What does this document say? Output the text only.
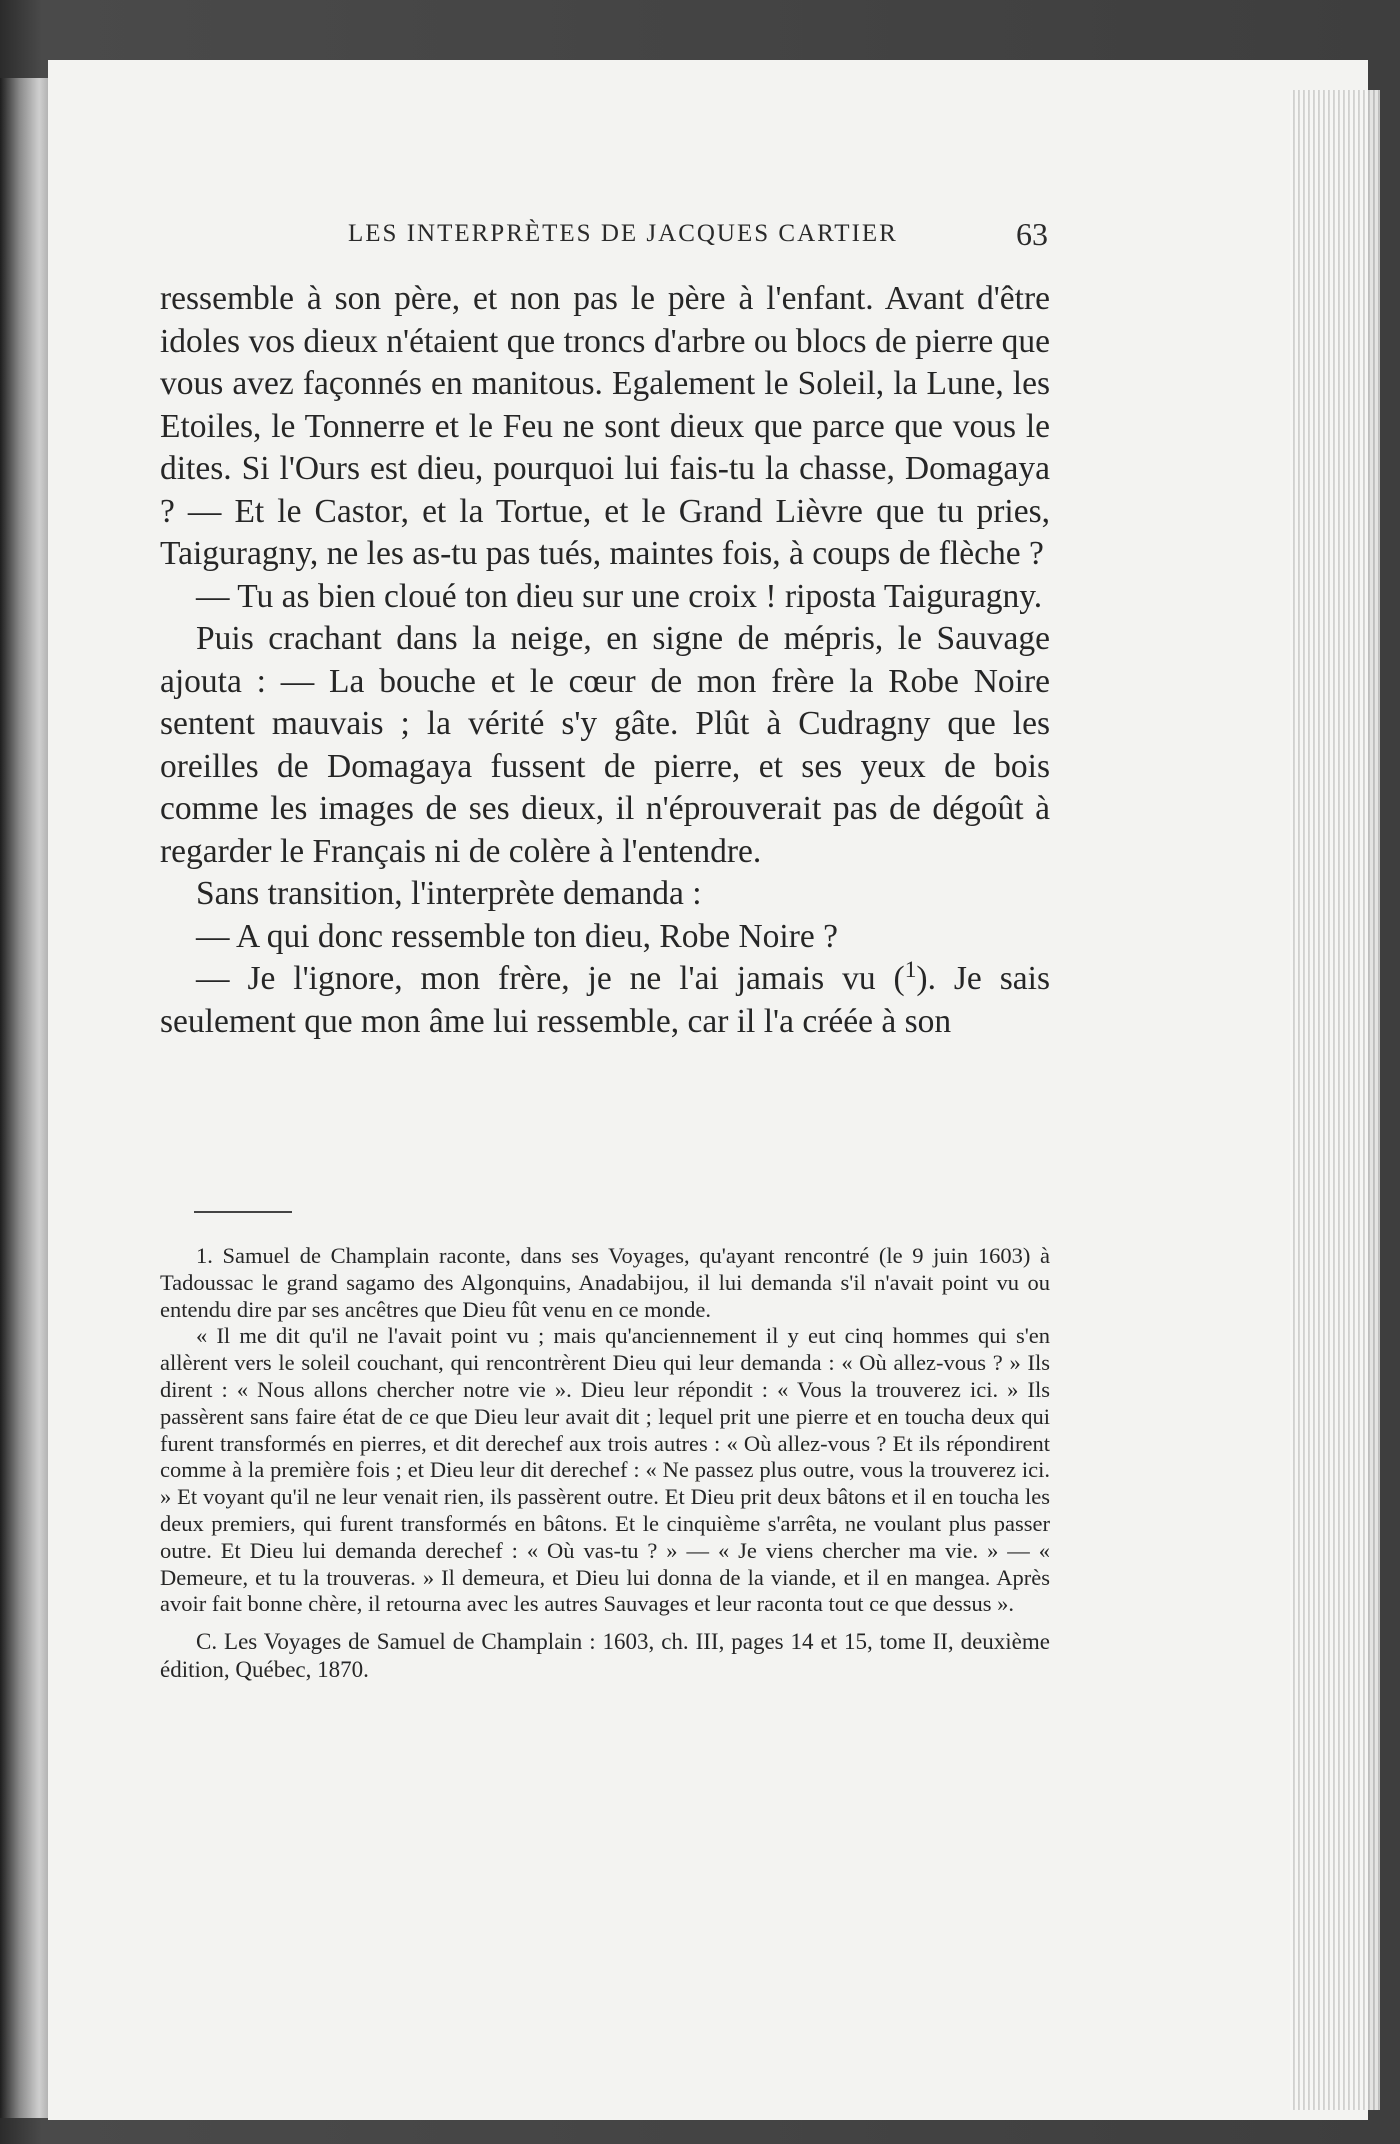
LES INTERPRÈTES DE JACQUES CARTIER	63

ressemble à son père, et non pas le père à l'enfant. Avant d'être idoles vos dieux n'étaient que troncs d'arbre ou blocs de pierre que vous avez façonnés en manitous. Egalement le Soleil, la Lune, les Etoiles, le Tonnerre et le Feu ne sont dieux que parce que vous le dites. Si l'Ours est dieu, pourquoi lui fais-tu la chasse, Domagaya ? — Et le Castor, et la Tortue, et le Grand Lièvre que tu pries, Taiguragny, ne les as-tu pas tués, maintes fois, à coups de flèche ?

— Tu as bien cloué ton dieu sur une croix ! riposta Taiguragny.

Puis crachant dans la neige, en signe de mépris, le Sauvage ajouta : — La bouche et le cœur de mon frère la Robe Noire sentent mauvais ; la vérité s'y gâte. Plût à Cudragny que les oreilles de Domagaya fussent de pierre, et ses yeux de bois comme les images de ses dieux, il n'éprouverait pas de dégoût à regarder le Français ni de colère à l'entendre.

Sans transition, l'interprète demanda :

— A qui donc ressemble ton dieu, Robe Noire ?

— Je l'ignore, mon frère, je ne l'ai jamais vu ($^1$). Je sais seulement que mon âme lui ressemble, car il l'a créée à son

1. Samuel de Champlain raconte, dans ses Voyages, qu'ayant rencontré (le 9 juin 1603) à Tadoussac le grand sagamo des Algonquins, Anadabijou, il lui demanda s'il n'avait point vu ou entendu dire par ses ancêtres que Dieu fût venu en ce monde.

« Il me dit qu'il ne l'avait point vu ; mais qu'anciennement il y eut cinq hommes qui s'en allèrent vers le soleil couchant, qui rencontrèrent Dieu qui leur demanda : « Où allez-vous ? » Ils dirent : « Nous allons chercher notre vie ». Dieu leur répondit : « Vous la trouverez ici. » Ils passèrent sans faire état de ce que Dieu leur avait dit ; lequel prit une pierre et en toucha deux qui furent transformés en pierres, et dit derechef aux trois autres : « Où allez-vous ? Et ils répondirent comme à la première fois ; et Dieu leur dit derechef : « Ne passez plus outre, vous la trouverez ici. » Et voyant qu'il ne leur venait rien, ils passèrent outre. Et Dieu prit deux bâtons et il en toucha les deux premiers, qui furent transformés en bâtons. Et le cinquième s'arrêta, ne voulant plus passer outre. Et Dieu lui demanda derechef : « Où vas-tu ? » — « Je viens chercher ma vie. » — « Demeure, et tu la trouveras. » Il demeura, et Dieu lui donna de la viande, et il en mangea. Après avoir fait bonne chère, il retourna avec les autres Sauvages et leur raconta tout ce que dessus ».

C. Les Voyages de Samuel de Champlain : 1603, ch. III, pages 14 et 15, tome II, deuxième édition, Québec, 1870.
